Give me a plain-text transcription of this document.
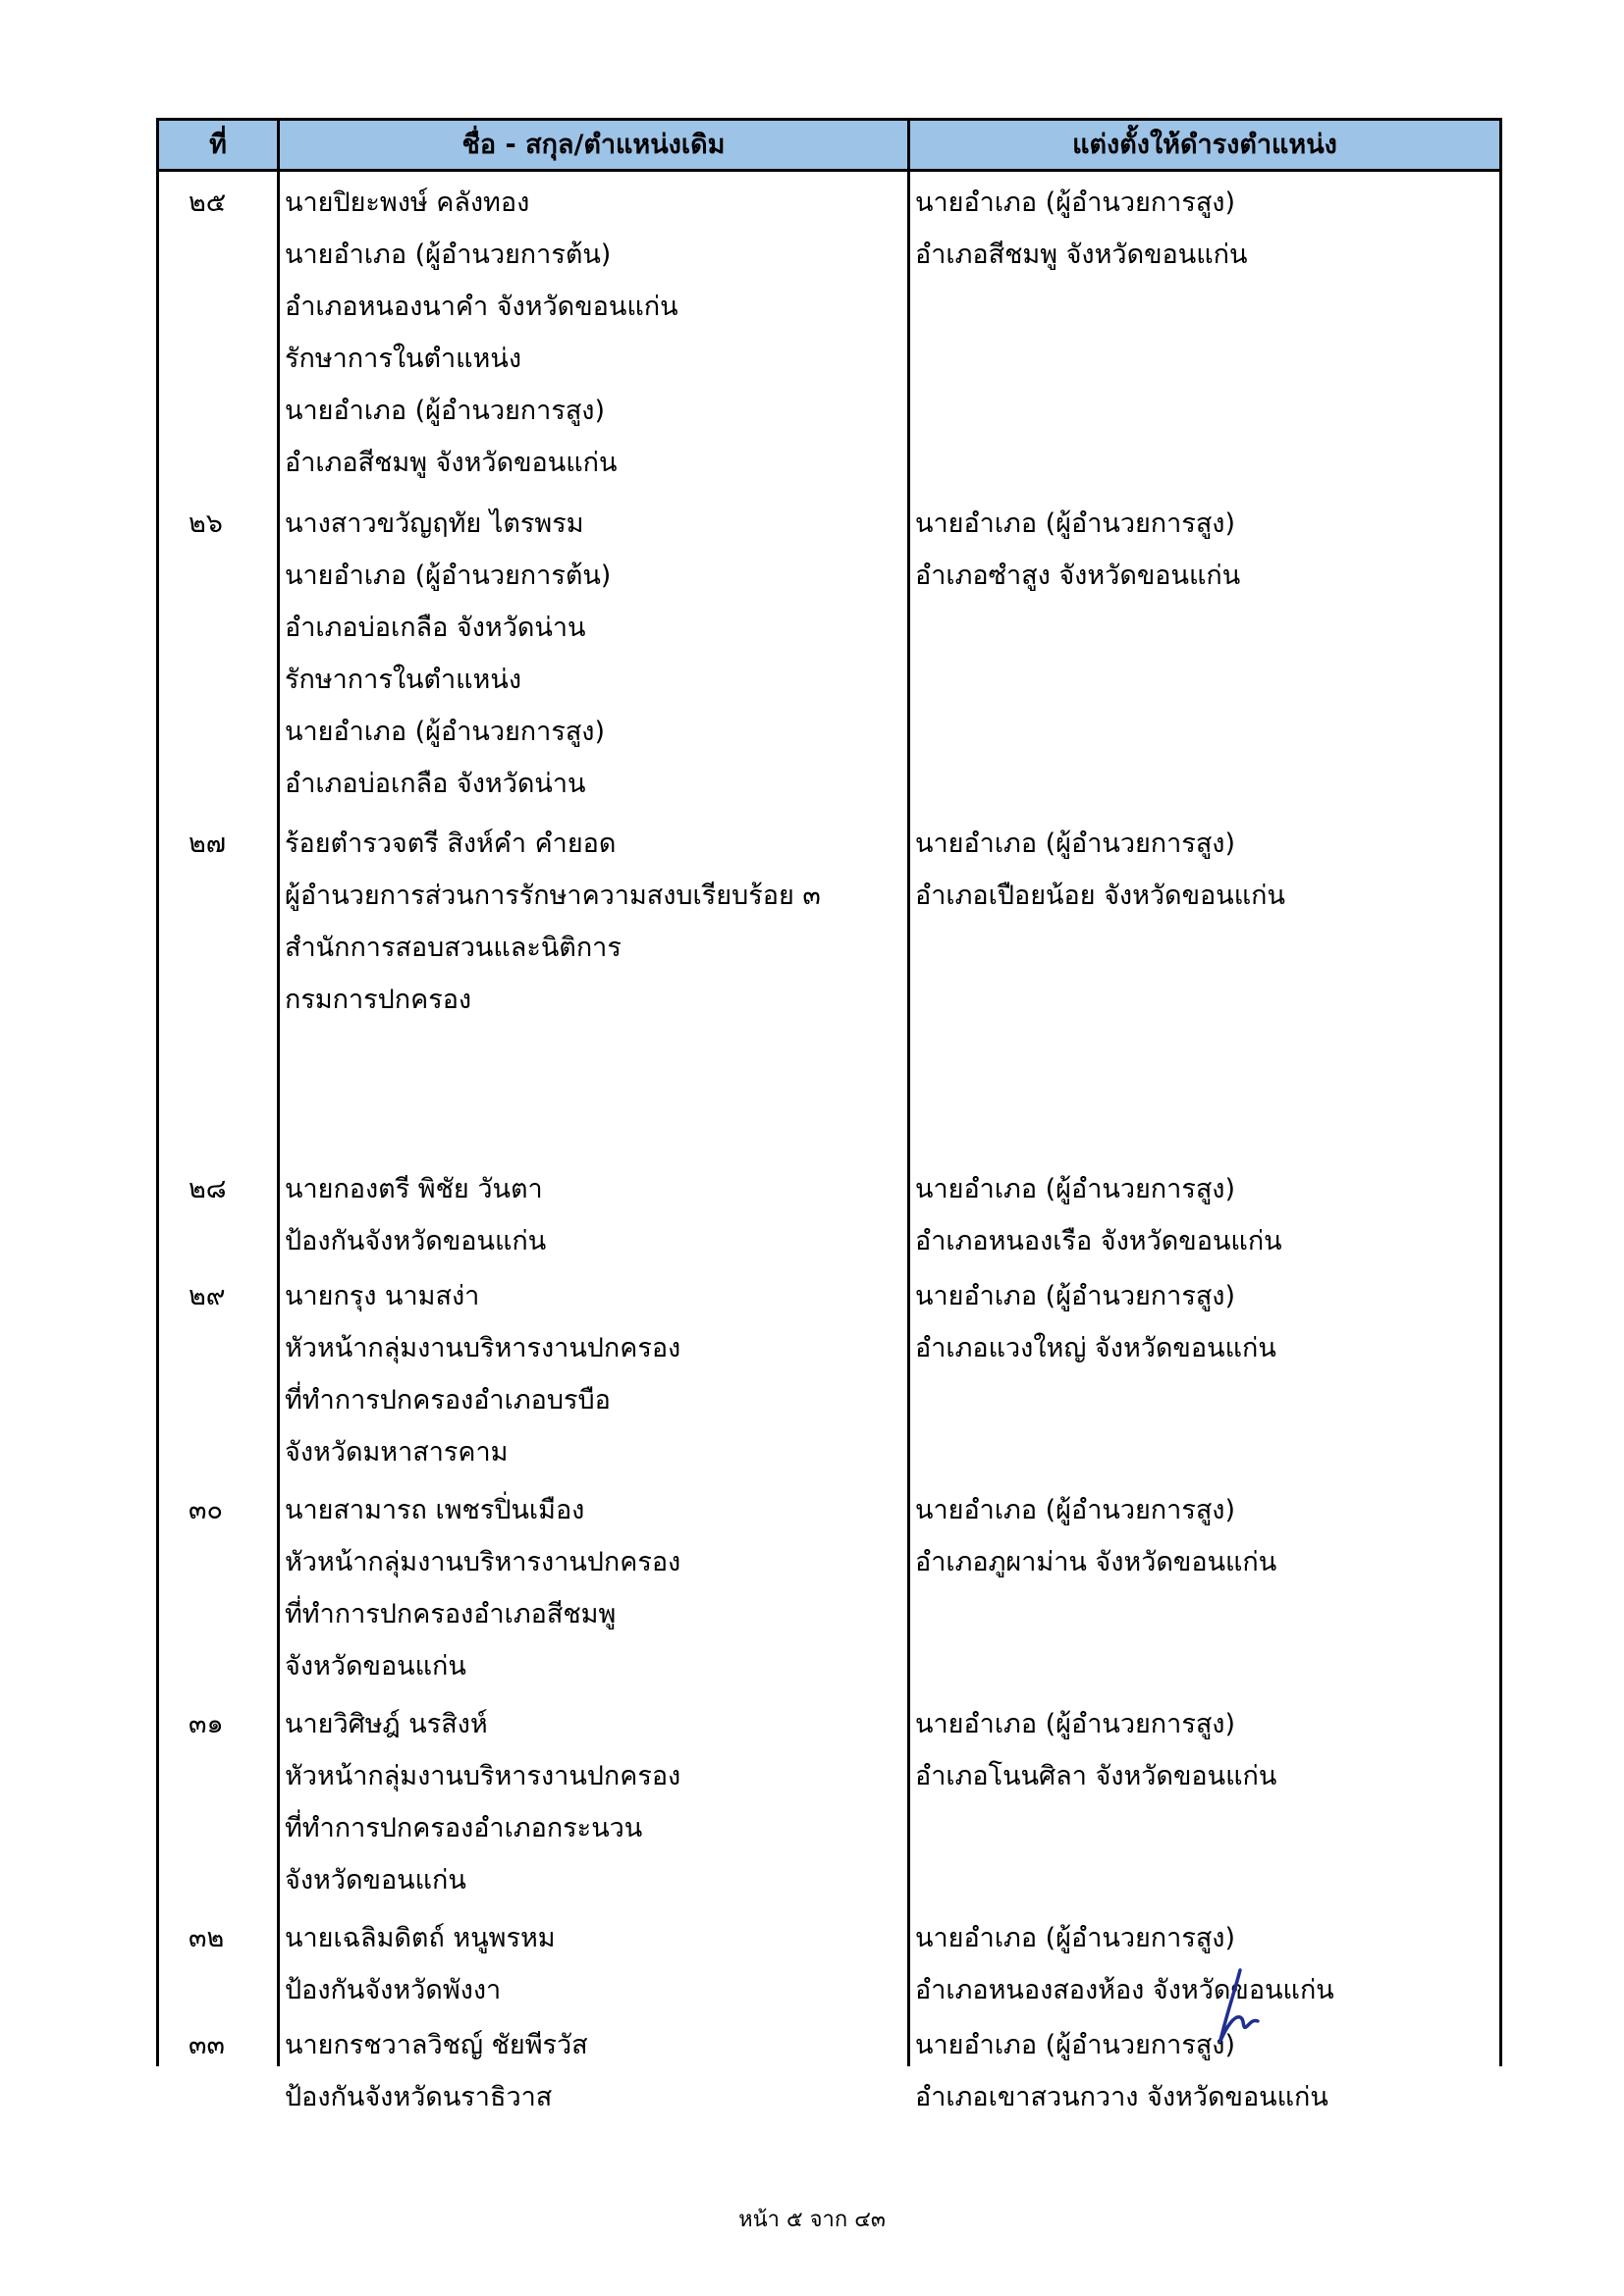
ที่	ชื่อ - สกุล/ตำแหน่งเดิม	แต่งตั้งให้ดำรงตำแหน่ง
๒๕ นายปิยะพงษ์ คลังทอง
นายอำเภอ (ผู้อำนวยการต้น)
อำเภอหนองนาคำ จังหวัดขอนแก่น
รักษาการในตำแหน่ง
นายอำเภอ (ผู้อำนวยการสูง)
อำเภอสีชมพู จังหวัดขอนแก่น
นายอำเภอ (ผู้อำนวยการสูง)
อำเภอสีชมพู จังหวัดขอนแก่น
๒๖ นางสาวขวัญฤทัย ไตรพรม
นายอำเภอ (ผู้อำนวยการต้น)
อำเภอบ่อเกลือ จังหวัดน่าน
รักษาการในตำแหน่ง
นายอำเภอ (ผู้อำนวยการสูง)
อำเภอบ่อเกลือ จังหวัดน่าน
นายอำเภอ (ผู้อำนวยการสูง)
อำเภอซำสูง จังหวัดขอนแก่น
๒๗ ร้อยตำรวจตรี สิงห์คำ คำยอด
ผู้อำนวยการส่วนการรักษาความสงบเรียบร้อย ๓
สำนักการสอบสวนและนิติการ
กรมการปกครอง
นายอำเภอ (ผู้อำนวยการสูง)
อำเภอเปือยน้อย จังหวัดขอนแก่น
๒๘ นายกองตรี พิชัย วันตา
ป้องกันจังหวัดขอนแก่น
นายอำเภอ (ผู้อำนวยการสูง)
อำเภอหนองเรือ จังหวัดขอนแก่น
๒๙ นายกรุง นามสง่า
หัวหน้ากลุ่มงานบริหารงานปกครอง
ที่ทำการปกครองอำเภอบรบือ
จังหวัดมหาสารคาม
นายอำเภอ (ผู้อำนวยการสูง)
อำเภอแวงใหญ่ จังหวัดขอนแก่น
๓๐ นายสามารถ เพชรปิ่นเมือง
หัวหน้ากลุ่มงานบริหารงานปกครอง
ที่ทำการปกครองอำเภอสีชมพู
จังหวัดขอนแก่น
นายอำเภอ (ผู้อำนวยการสูง)
อำเภอภูผาม่าน จังหวัดขอนแก่น
๓๑ นายวิศิษฎ์ นรสิงห์
หัวหน้ากลุ่มงานบริหารงานปกครอง
ที่ทำการปกครองอำเภอกระนวน
จังหวัดขอนแก่น
นายอำเภอ (ผู้อำนวยการสูง)
อำเภอโนนศิลา จังหวัดขอนแก่น
๓๒ นายเฉลิมดิตถ์ หนูพรหม
ป้องกันจังหวัดพังงา
นายอำเภอ (ผู้อำนวยการสูง)
อำเภอหนองสองห้อง จังหวัดขอนแก่น
๓๓ นายกรชวาลวิชญ์ ชัยพีรวัส
ป้องกันจังหวัดนราธิวาส
นายอำเภอ (ผู้อำนวยการสูง)
อำเภอเขาสวนกวาง จังหวัดขอนแก่น
หน้า ๕ จาก ๔๓
